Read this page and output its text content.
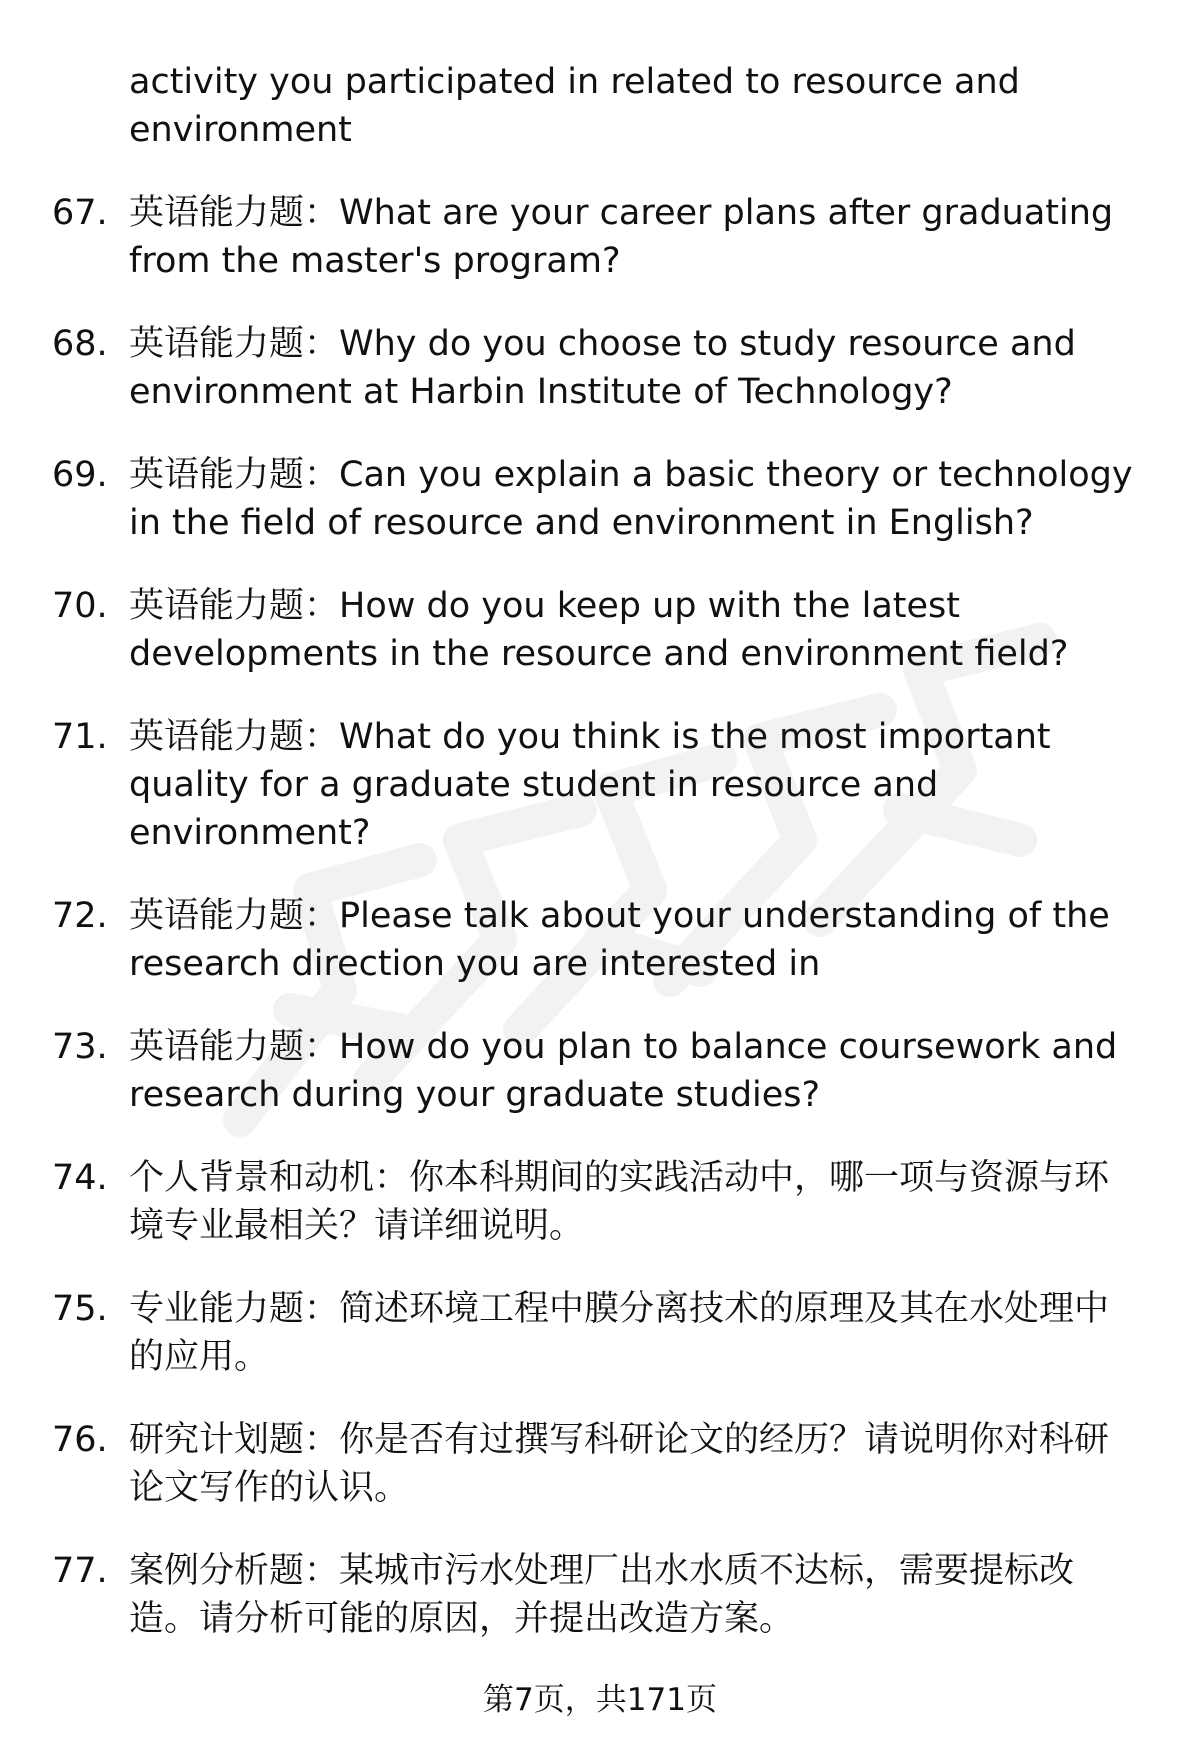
activity you participated in related to resource and environment
67. 英语能力题：What are your career plans after graduating from the master's program?
68. 英语能力题：Why do you choose to study resource and environment at Harbin Institute of Technology?
69. 英语能力题：Can you explain a basic theory or technology in the field of resource and environment in English?
70. 英语能力题：How do you keep up with the latest developments in the resource and environment field?
71. 英语能力题：What do you think is the most important quality for a graduate student in resource and environment?
72. 英语能力题：Please talk about your understanding of the research direction you are interested in
73. 英语能力题：How do you plan to balance coursework and research during your graduate studies?
74. 个人背景和动机：你本科期间的实践活动中，哪一项与资源与环境专业最相关？请详细说明。
75. 专业能力题：简述环境工程中膜分离技术的原理及其在水处理中的应用。
76. 研究计划题：你是否有过撰写科研论文的经历？请说明你对科研论文写作的认识。
77. 案例分析题：某城市污水处理厂出水水质不达标，需要提标改造。请分析可能的原因，并提出改造方案。
第7页，共171页
